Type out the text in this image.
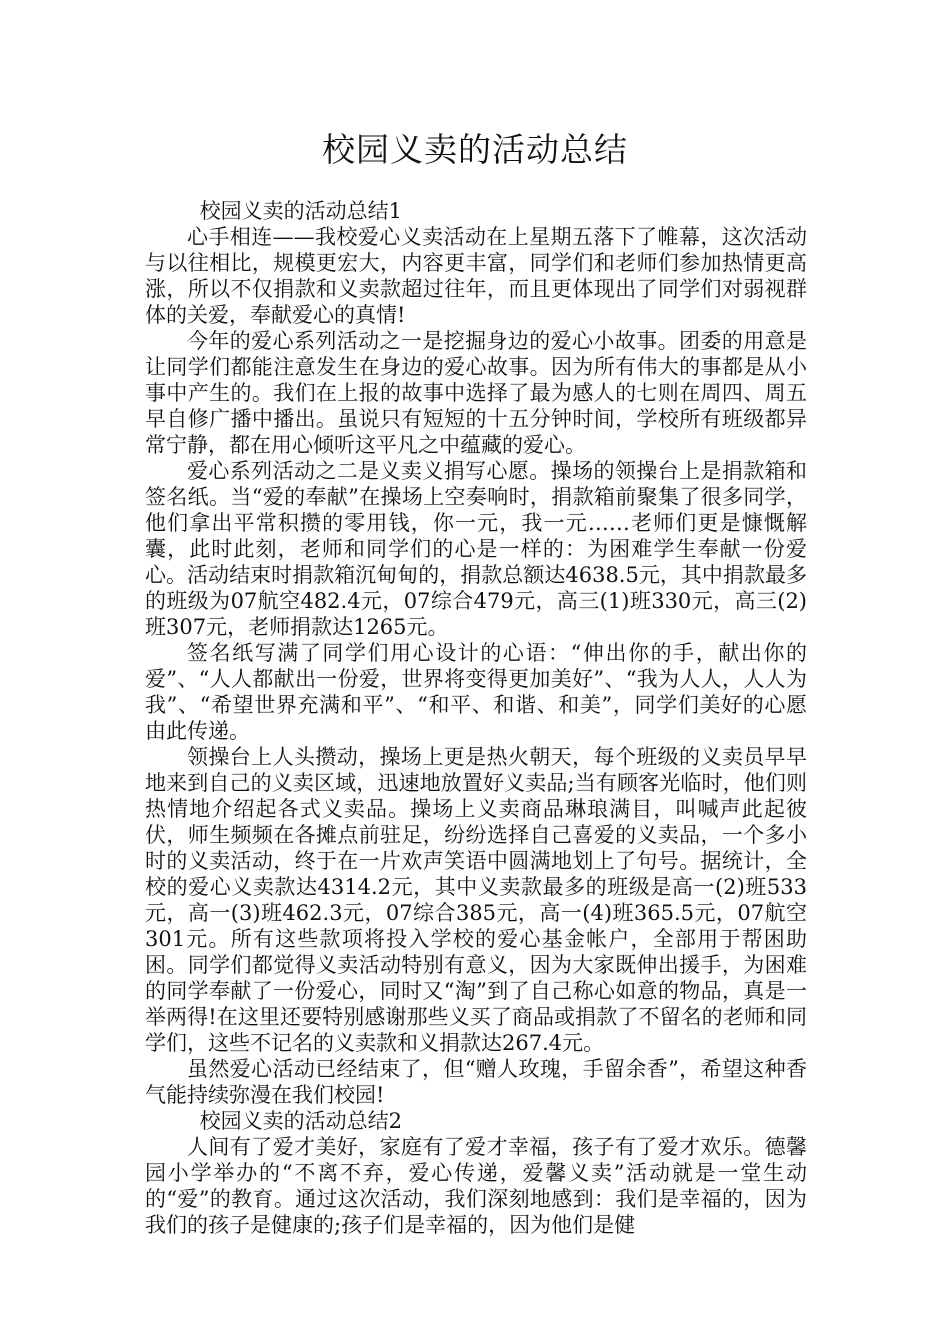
校园义卖的活动总结

校园义卖的活动总结1

心手相连——我校爱心义卖活动在上星期五落下了帷幕，这次活动与以往相比，规模更宏大，内容更丰富，同学们和老师们参加热情更高涨，所以不仅捐款和义卖款超过往年，而且更体现出了同学们对弱视群体的关爱，奉献爱心的真情!

今年的爱心系列活动之一是挖掘身边的爱心小故事。团委的用意是让同学们都能注意发生在身边的爱心故事。因为所有伟大的事都是从小事中产生的。我们在上报的故事中选择了最为感人的七则在周四、周五早自修广播中播出。虽说只有短短的十五分钟时间，学校所有班级都异常宁静，都在用心倾听这平凡之中蕴藏的爱心。

爱心系列活动之二是义卖义捐写心愿。操场的领操台上是捐款箱和签名纸。当“爱的奉献”在操场上空奏响时，捐款箱前聚集了很多同学，他们拿出平常积攒的零用钱，你一元，我一元……老师们更是慷慨解囊，此时此刻，老师和同学们的心是一样的：为困难学生奉献一份爱心。活动结束时捐款箱沉甸甸的，捐款总额达4638.5元，其中捐款最多的班级为07航空482.4元，07综合479元，高三(1)班330元，高三(2)班307元，老师捐款达1265元。

签名纸写满了同学们用心设计的心语：“伸出你的手，献出你的爱”、“人人都献出一份爱，世界将变得更加美好”、“我为人人，人人为我”、“希望世界充满和平”、“和平、和谐、和美”，同学们美好的心愿由此传递。

领操台上人头攒动，操场上更是热火朝天，每个班级的义卖员早早地来到自己的义卖区域，迅速地放置好义卖品;当有顾客光临时，他们则热情地介绍起各式义卖品。操场上义卖商品琳琅满目，叫喊声此起彼伏，师生频频在各摊点前驻足，纷纷选择自己喜爱的义卖品，一个多小时的义卖活动，终于在一片欢声笑语中圆满地划上了句号。据统计，全校的爱心义卖款达4314.2元，其中义卖款最多的班级是高一(2)班533元，高一(3)班462.3元，07综合385元，高一(4)班365.5元，07航空301元。所有这些款项将投入学校的爱心基金帐户，全部用于帮困助困。同学们都觉得义卖活动特别有意义，因为大家既伸出援手，为困难的同学奉献了一份爱心，同时又“淘”到了自己称心如意的物品，真是一举两得!在这里还要特别感谢那些义买了商品或捐款了不留名的老师和同学们，这些不记名的义卖款和义捐款达267.4元。

虽然爱心活动已经结束了，但“赠人玫瑰，手留余香”，希望这种香气能持续弥漫在我们校园!

校园义卖的活动总结2

人间有了爱才美好，家庭有了爱才幸福，孩子有了爱才欢乐。德馨园小学举办的“不离不弃，爱心传递，爱馨义卖”活动就是一堂生动的“爱”的教育。通过这次活动，我们深刻地感到：我们是幸福的，因为我们的孩子是健康的;孩子们是幸福的，因为他们是健
